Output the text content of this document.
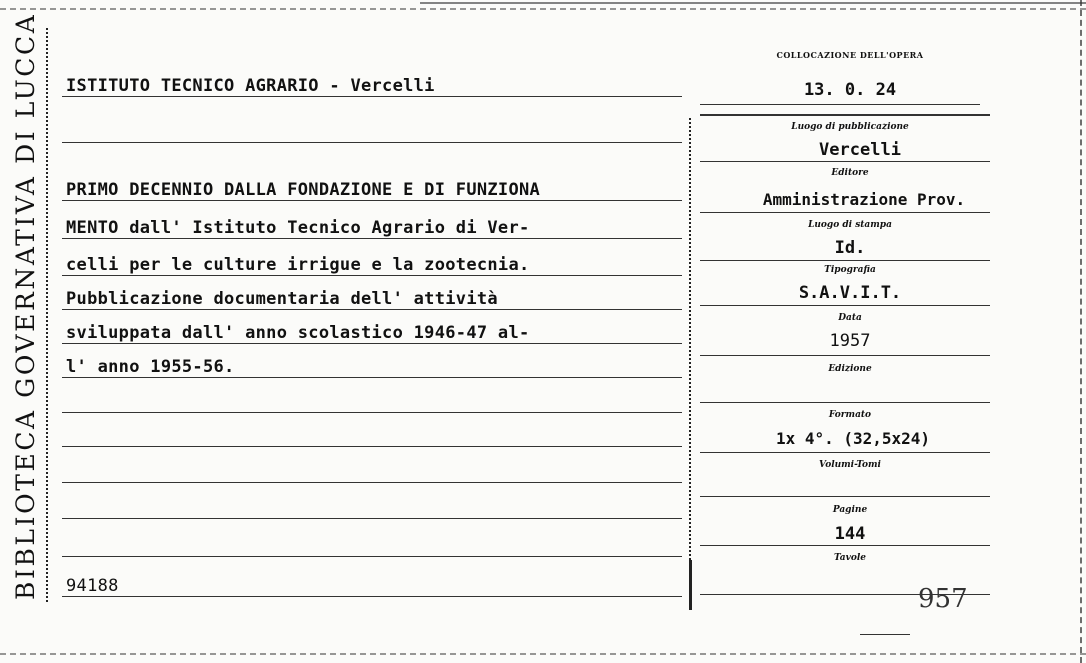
BIBLIOTECA GOVERNATIVA DI LUCCA	ISTITUTO TECNICO AGRARIO - Vercelli
PRIMO DECENNIO DALLA FONDAZIONE E DI FUNZIONA
MENTO dall' Istituto Tecnico Agrario di Ver-
celli per le culture irrigue e la zootecnia.
Pubblicazione documentaria dell' attività
sviluppata dall' anno scolastico 1946-47 al-
l' anno 1955-56.
94188
COLLOCAZIONE DELL'OPERA
13. 0. 24
Luogo di pubblicazione
Vercelli
Editore
Amministrazione Prov.
Luogo di stampa
Id.
Tipografia
S.A.V.I.T.
Data
1957
Edizione
Formato
1x 4°. (32,5x24)
Volumi-Tomi
Pagine
144
Tavole
957
